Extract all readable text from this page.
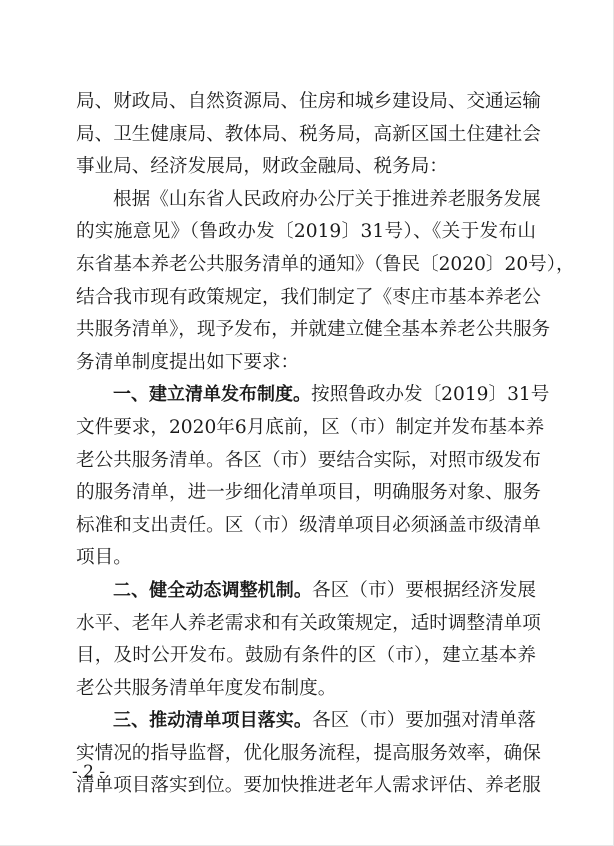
局、财政局、自然资源局、住房和城乡建设局、交通运输
局、卫生健康局、教体局、税务局，高新区国土住建社会
事业局、经济发展局，财政金融局、税务局：
根据《山东省人民政府办公厅关于推进养老服务发展
的实施意见》（鲁政办发〔2019〕31号）、《关于发布山
东省基本养老公共服务清单的通知》（鲁民〔2020〕20号），
结合我市现有政策规定，我们制定了《枣庄市基本养老公
共服务清单》，现予发布，并就建立健全基本养老公共服务
务清单制度提出如下要求：
一、建立清单发布制度。按照鲁政办发〔2019〕31号
文件要求，2020年6月底前，区（市）制定并发布基本养
老公共服务清单。各区（市）要结合实际，对照市级发布
的服务清单，进一步细化清单项目，明确服务对象、服务
标准和支出责任。区（市）级清单项目必须涵盖市级清单
项目。
二、健全动态调整机制。各区（市）要根据经济发展
水平、老年人养老需求和有关政策规定，适时调整清单项
目，及时公开发布。鼓励有条件的区（市），建立基本养
老公共服务清单年度发布制度。
三、推动清单项目落实。各区（市）要加强对清单落
实情况的指导监督，优化服务流程，提高服务效率，确保
清单项目落实到位。要加快推进老年人需求评估、养老服
- 2 -
